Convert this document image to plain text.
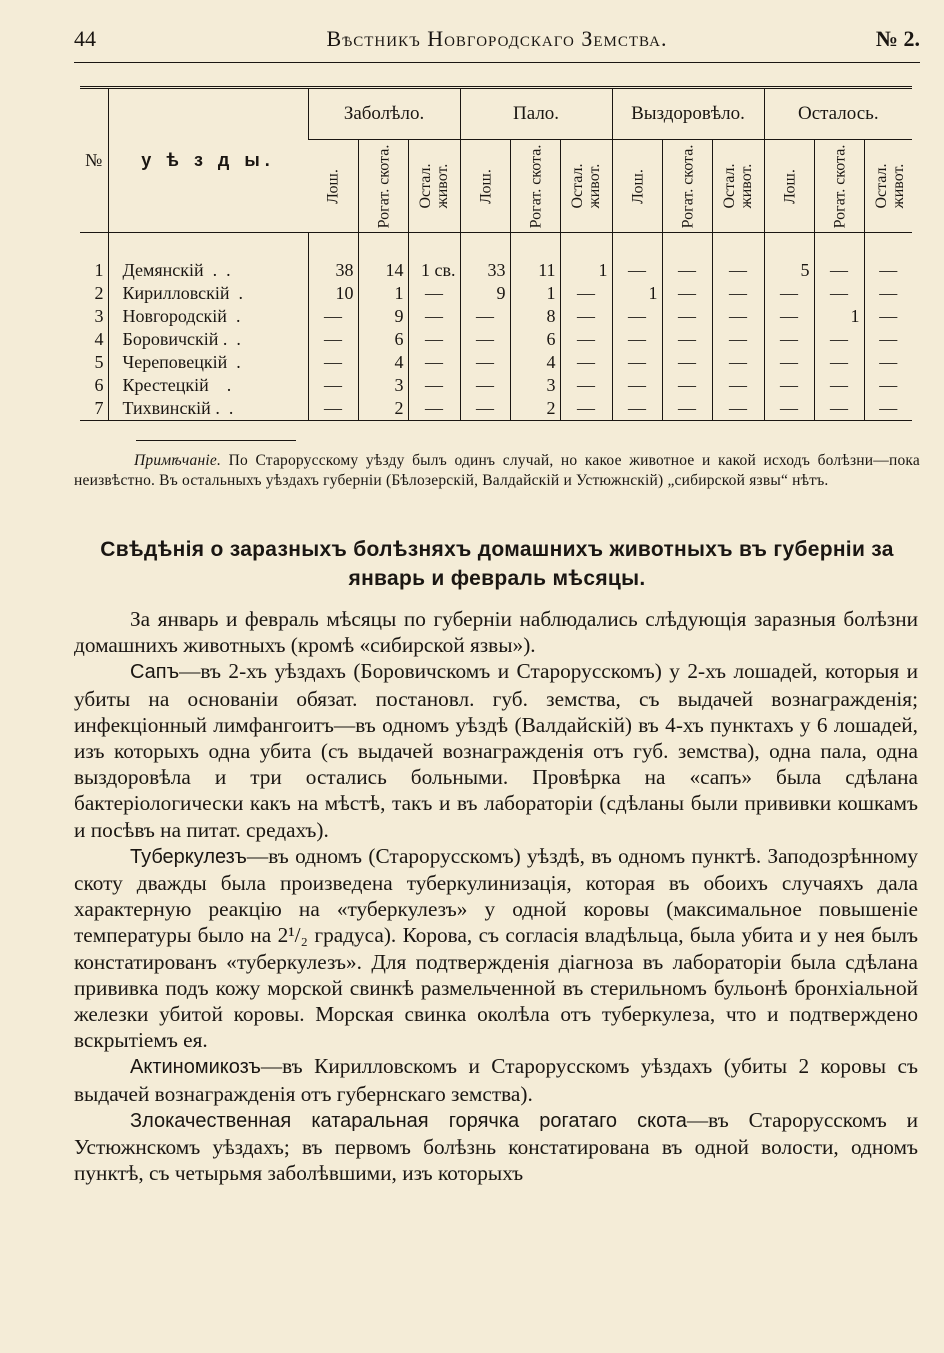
44	Вѣстникъ Новгородскаго Земства.	№ 2.
№	у ѣ з д ы.	Заболѣло.			Пало.			Выздоровѣло.			Осталось.		

		Лош.	Рогат. скота.	Остал. живот.	Лош.	Рогат. скота.	Остал. живот.	Лош.	Рогат. скота.	Остал. живот.	Лош.	Рогат. скота.	Остал. живот.

1	Демянскій  .  .	38	14	1 св.	33	11	1	—	—	—	5	—	—
2	Кирилловскій  .	10	1	—	9	1	—	1	—	—	—	—	—
3	Новгородскій  .	—	9	—	—	8	—	—	—	—	—	1	—
4	Боровичскій .  .	—	6	—	—	6	—	—	—	—	—	—	—
5	Череповецкій  .	—	4	—	—	4	—	—	—	—	—	—	—
6	Крестецкій    .	—	3	—	—	3	—	—	—	—	—	—	—
7	Тихвинскій .  .	—	2	—	—	2	—	—	—	—	—	—	—
Примѣчаніе. По Старорусскому уѣзду былъ одинъ случай, но какое животное и какой исходъ болѣзни—пока неизвѣстно. Въ остальныхъ уѣздахъ губерніи (Бѣлозерскій, Валдайскій и Устюжнскій) „сибирской язвы“ нѣтъ.
Свѣдѣнія о заразныхъ болѣзняхъ домашнихъ животныхъ въ губерніи за январь и февраль мѣсяцы.

За январь и февраль мѣсяцы по губерніи наблюдались слѣдующія заразныя болѣзни домашнихъ животныхъ (кромѣ «сибирской язвы»).

Сапъ—въ 2-хъ уѣздахъ (Боровичскомъ и Старорусскомъ) у 2-хъ лошадей, которыя и убиты на основаніи обязат. постановл. губ. земства, съ выдачей вознагражденія; инфекціонный лимфангоитъ—въ одномъ уѣздѣ (Валдайскій) въ 4-хъ пунктахъ у 6 лошадей, изъ которыхъ одна убита (съ выдачей вознагражденія отъ губ. земства), одна пала, одна выздоровѣла и три остались больными. Провѣрка на «сапъ» была сдѣлана бактеріологически какъ на мѣстѣ, такъ и въ лабораторіи (сдѣланы были прививки кошкамъ и посѣвъ на питат. средахъ).

Туберкулезъ—въ одномъ (Старорусскомъ) уѣздѣ, въ одномъ пунктѣ. Заподозрѣнному скоту дважды была произведена туберкулинизація, которая въ обоихъ случаяхъ дала характерную реакцію на «туберкулезъ» у одной коровы (максимальное повышеніе температуры было на 2¹/₂ градуса). Корова, съ согласія владѣльца, была убита и у нея былъ констатированъ «туберкулезъ». Для подтвержденія діагноза въ лабораторіи была сдѣлана прививка подъ кожу морской свинкѣ размельченной въ стерильномъ бульонѣ бронхіальной железки убитой коровы. Морская свинка околѣла отъ туберкулеза, что и подтверждено вскрытіемъ ея.

Актиномикозъ—въ Кирилловскомъ и Старорусскомъ уѣздахъ (убиты 2 коровы съ выдачей вознагражденія отъ губернскаго земства).

Злокачественная катаральная горячка рогатаго скота—въ Старорусскомъ и Устюжнскомъ уѣздахъ; въ первомъ болѣзнь констатирована въ одной волости, одномъ пунктѣ, съ четырьмя заболѣвшими, изъ которыхъ
